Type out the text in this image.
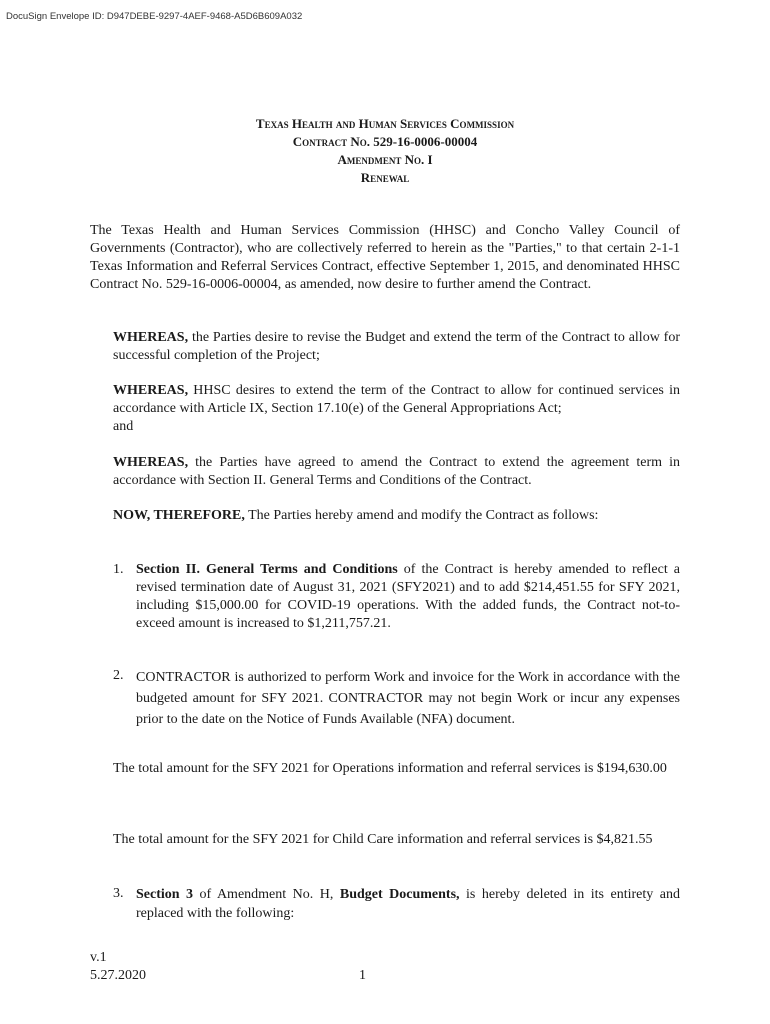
DocuSign Envelope ID: D947DEBE-9297-4AEF-9468-A5D6B609A032
Texas Health and Human Services Commission
Contract No. 529-16-0006-00004
Amendment No. I
Renewal

The Texas Health and Human Services Commission (HHSC) and Concho Valley Council of Governments (Contractor), who are collectively referred to herein as the "Parties," to that certain 2-1-1 Texas Information and Referral Services Contract, effective September 1, 2015, and denominated HHSC Contract No. 529-16-0006-00004, as amended, now desire to further amend the Contract.

WHEREAS, the Parties desire to revise the Budget and extend the term of the Contract to allow for successful completion of the Project;

WHEREAS, HHSC desires to extend the term of the Contract to allow for continued services in accordance with Article IX, Section 17.10(e) of the General Appropriations Act;
and

WHEREAS, the Parties have agreed to amend the Contract to extend the agreement term in accordance with Section II. General Terms and Conditions of the Contract.

NOW, THEREFORE, The Parties hereby amend and modify the Contract as follows:

1. Section II. General Terms and Conditions of the Contract is hereby amended to reflect a revised termination date of August 31, 2021 (SFY2021) and to add $214,451.55 for SFY 2021, including $15,000.00 for COVID-19 operations. With the added funds, the Contract not-to-exceed amount is increased to $1,211,757.21.

2. CONTRACTOR is authorized to perform Work and invoice for the Work in accordance with the budgeted amount for SFY 2021. CONTRACTOR may not begin Work or incur any expenses prior to the date on the Notice of Funds Available (NFA) document.

The total amount for the SFY 2021 for Operations information and referral services is $194,630.00

The total amount for the SFY 2021 for Child Care information and referral services is $4,821.55

3. Section 3 of Amendment No. H, Budget Documents, is hereby deleted in its entirety and replaced with the following:

v.1
5.27.2020	1
